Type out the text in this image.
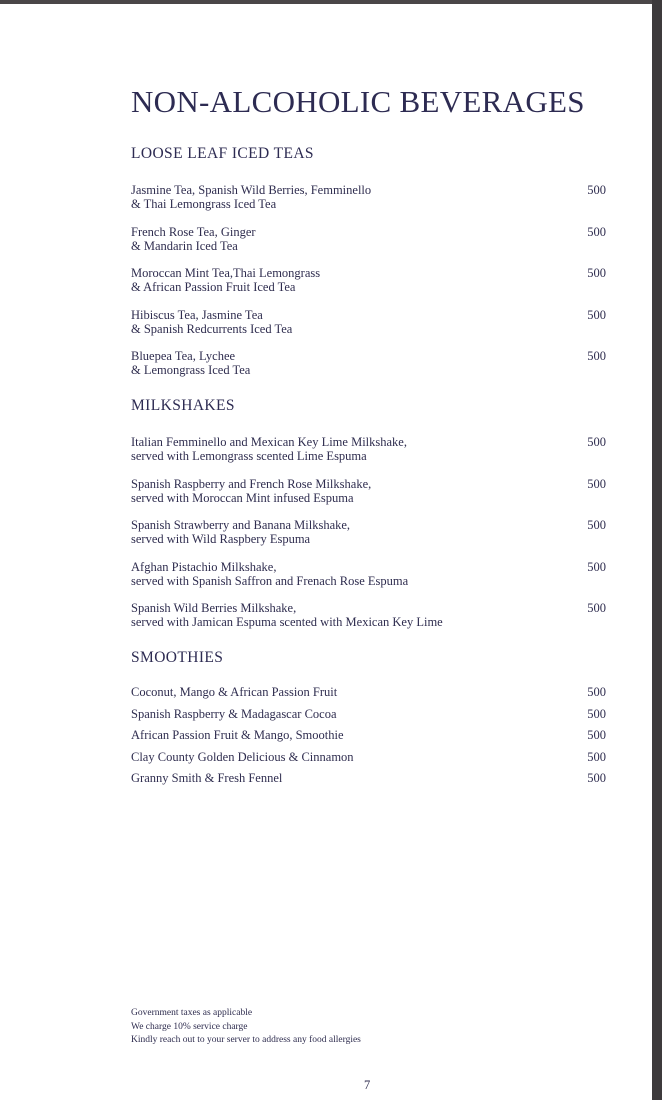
NON-ALCOHOLIC BEVERAGES
LOOSE LEAF ICED TEAS
Jasmine Tea, Spanish Wild Berries, Femminello
& Thai Lemongrass Iced Tea
500
French Rose Tea, Ginger
& Mandarin Iced Tea
500
Moroccan Mint Tea,Thai Lemongrass
& African Passion Fruit Iced Tea
500
Hibiscus Tea, Jasmine Tea
& Spanish Redcurrents Iced Tea
500
Bluepea Tea, Lychee
& Lemongrass Iced Tea
500
MILKSHAKES
Italian Femminello and Mexican Key Lime Milkshake,
served with Lemongrass scented Lime Espuma
500
Spanish Raspberry and French Rose Milkshake,
served with Moroccan Mint infused Espuma
500
Spanish Strawberry and Banana Milkshake,
served with Wild Raspbery Espuma
500
Afghan Pistachio Milkshake,
served with Spanish Saffron and Frenach Rose Espuma
500
Spanish Wild Berries Milkshake,
served with Jamican Espuma scented with Mexican Key Lime
500
SMOOTHIES
Coconut, Mango & African Passion Fruit	500
Spanish Raspberry & Madagascar Cocoa	500
African Passion Fruit & Mango, Smoothie	500
Clay County Golden Delicious & Cinnamon	500
Granny Smith & Fresh Fennel	500
Government taxes as applicable
We charge 10% service charge
Kindly reach out to your server to address any food allergies
7
